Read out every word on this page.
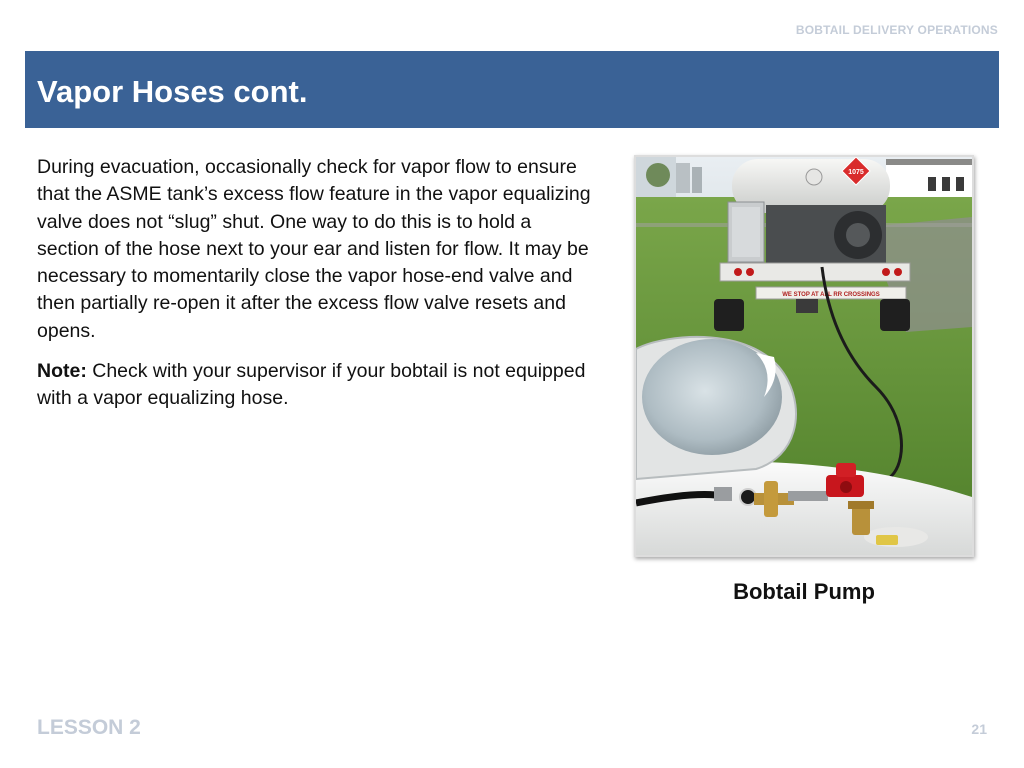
BOBTAIL DELIVERY OPERATIONS
Vapor Hoses cont.

During evacuation, occasionally check for vapor flow to ensure that the ASME tank’s excess flow feature in the vapor equalizing valve does not “slug” shut. One way to do this is to hold a section of the hose next to your ear and listen for flow. It may be necessary to momentarily close the vapor hose-end valve and then partially re-open it after the excess flow valve resets and opens.

Note: Check with your supervisor if your bobtail is not equipped with a vapor equalizing hose.

1075
WE STOP AT ALL RR CROSSINGS
Bobtail Pump
LESSON 2	21
